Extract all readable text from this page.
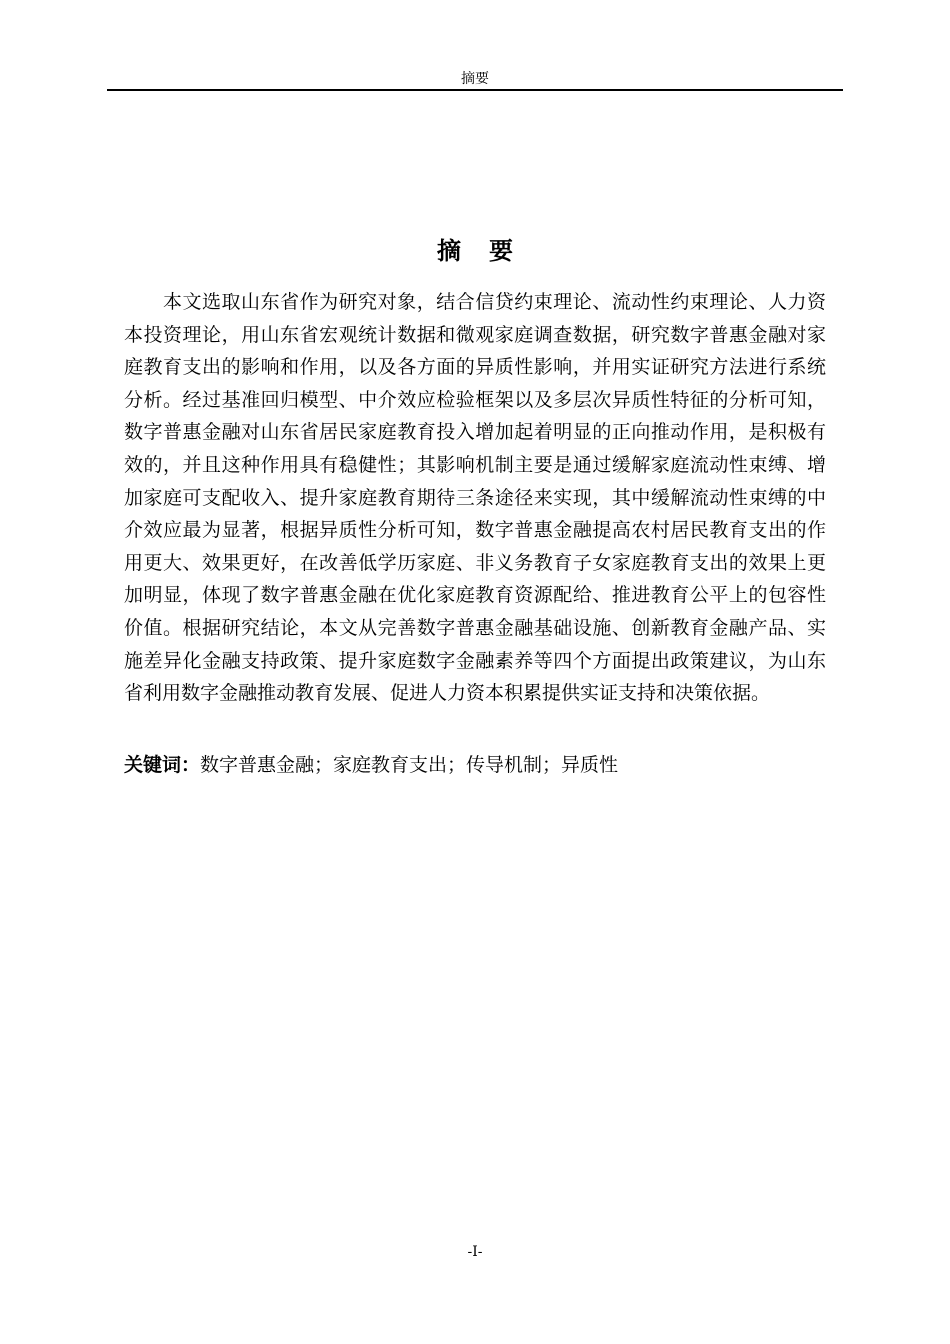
摘要
摘要

本文选取山东省作为研究对象，结合信贷约束理论、流动性约束理论、人力资本投资理论，用山东省宏观统计数据和微观家庭调查数据，研究数字普惠金融对家庭教育支出的影响和作用，以及各方面的异质性影响，并用实证研究方法进行系统分析。经过基准回归模型、中介效应检验框架以及多层次异质性特征的分析可知，数字普惠金融对山东省居民家庭教育投入增加起着明显的正向推动作用，是积极有效的，并且这种作用具有稳健性；其影响机制主要是通过缓解家庭流动性束缚、增加家庭可支配收入、提升家庭教育期待三条途径来实现，其中缓解流动性束缚的中介效应最为显著，根据异质性分析可知，数字普惠金融提高农村居民教育支出的作用更大、效果更好，在改善低学历家庭、非义务教育子女家庭教育支出的效果上更加明显，体现了数字普惠金融在优化家庭教育资源配给、推进教育公平上的包容性价值。根据研究结论，本文从完善数字普惠金融基础设施、创新教育金融产品、实施差异化金融支持政策、提升家庭数字金融素养等四个方面提出政策建议，为山东省利用数字金融推动教育发展、促进人力资本积累提供实证支持和决策依据。

关键词：数字普惠金融；家庭教育支出；传导机制；异质性

-I-
